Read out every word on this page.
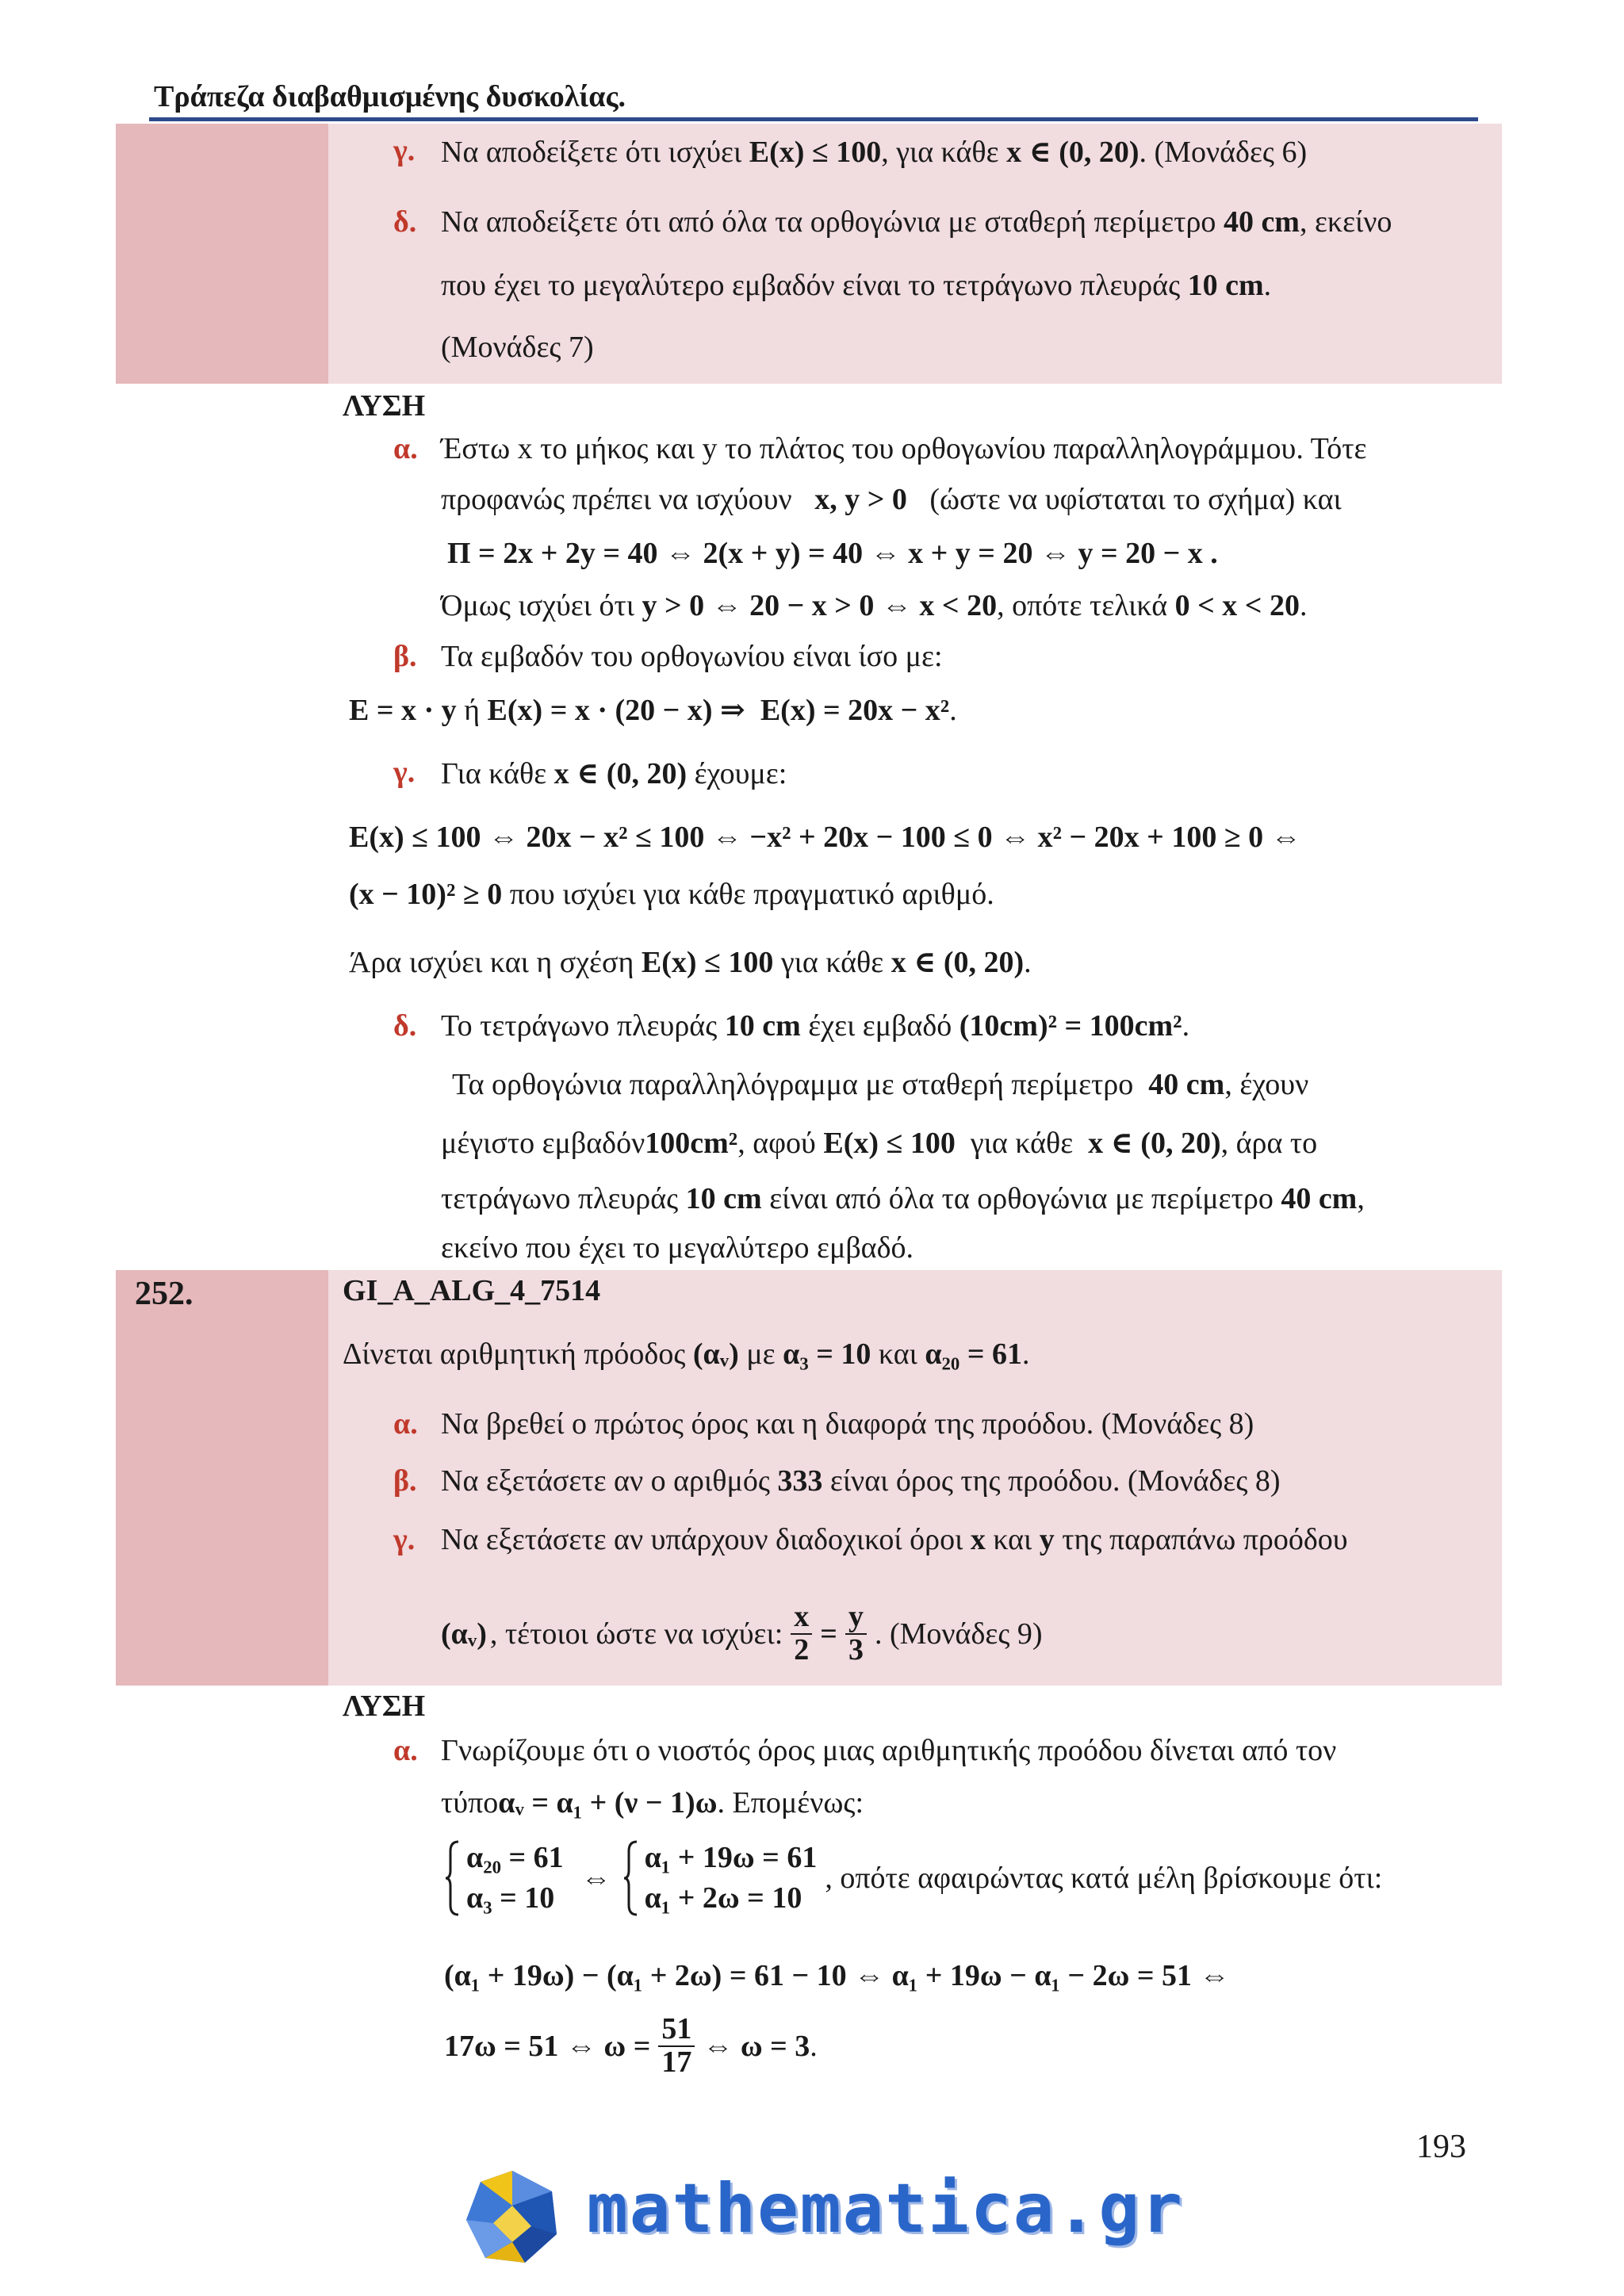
Τράπεζα διαβαθμισμένης δυσκολίας.
γ. Να αποδείξετε ότι ισχύει E(x) ≤ 100, για κάθε x ∈ (0, 20). (Μονάδες 6)
δ. Να αποδείξετε ότι από όλα τα ορθογώνια με σταθερή περίμετρο 40 cm, εκείνο
που έχει το μεγαλύτερο εμβαδόν είναι το τετράγωνο πλευράς 10 cm.
(Μονάδες 7)
ΛΥΣΗ
α. Έστω x το μήκος και y το πλάτος του ορθογωνίου παραλληλογράμμου. Τότε
προφανώς πρέπει να ισχύουν x, y > 0 (ώστε να υφίσταται το σχήμα) και
Π = 2x + 2y = 40 ⇔ 2(x + y) = 40 ⇔ x + y = 20 ⇔ y = 20 − x .
Όμως ισχύει ότι y > 0 ⇔ 20 − x > 0 ⇔ x < 20, οπότε τελικά 0 < x < 20.
β. Τα εμβαδόν του ορθογωνίου είναι ίσο με:
E = x · y ή E(x) = x · (20 − x) ⇒  E(x) = 20x − x².
γ. Για κάθε x ∈ (0, 20) έχουμε:
E(x) ≤ 100 ⇔ 20x − x² ≤ 100 ⇔ −x² + 20x − 100 ≤ 0 ⇔ x² − 20x + 100 ≥ 0 ⇔
(x − 10)² ≥ 0 που ισχύει για κάθε πραγματικό αριθμό.
Άρα ισχύει και η σχέση E(x) ≤ 100 για κάθε x ∈ (0, 20).
δ. Το τετράγωνο πλευράς 10 cm έχει εμβαδό (10cm)² = 100cm².
Τα ορθογώνια παραλληλόγραμμα με σταθερή περίμετρο 40 cm, έχουν
μέγιστο εμβαδόν100cm², αφού E(x) ≤ 100 για κάθε x ∈ (0, 20), άρα το
τετράγωνο πλευράς 10 cm είναι από όλα τα ορθογώνια με περίμετρο 40 cm,
εκείνο που έχει το μεγαλύτερο εμβαδό.
252.	GI_A_ALG_4_7514
Δίνεται αριθμητική πρόοδος (αᵥ) με α₃ = 10 και α₂₀ = 61.
α. Να βρεθεί ο πρώτος όρος και η διαφορά της προόδου. (Μονάδες 8)
β. Να εξετάσετε αν ο αριθμός 333 είναι όρος της προόδου. (Μονάδες 8)
γ. Να εξετάσετε αν υπάρχουν διαδοχικοί όροι x και y της παραπάνω προόδου
(αᵥ) , τέτοιοι ώστε να ισχύει: $\frac{x}{2} = \frac{y}{3}$ . (Μονάδες 9)
ΛΥΣΗ
α. Γνωρίζουμε ότι ο νιοστός όρος μιας αριθμητικής προόδου δίνεται από τον
τύποαᵥ = α₁ + (ν − 1)ω. Επομένως:
α₂₀ = 61
α₃ = 10
⇔
α₁ + 19ω = 61
α₁ + 2ω = 10
, οπότε αφαιρώντας κατά μέλη βρίσκουμε ότι:
(α₁ + 19ω) − (α₁ + 2ω) = 61 − 10 ⇔ α₁ + 19ω − α₁ − 2ω = 51 ⇔
17ω = 51 ⇔ $\omega = \frac{51}{17}$ ⇔ ω = 3 .
193
mathematica.gr
